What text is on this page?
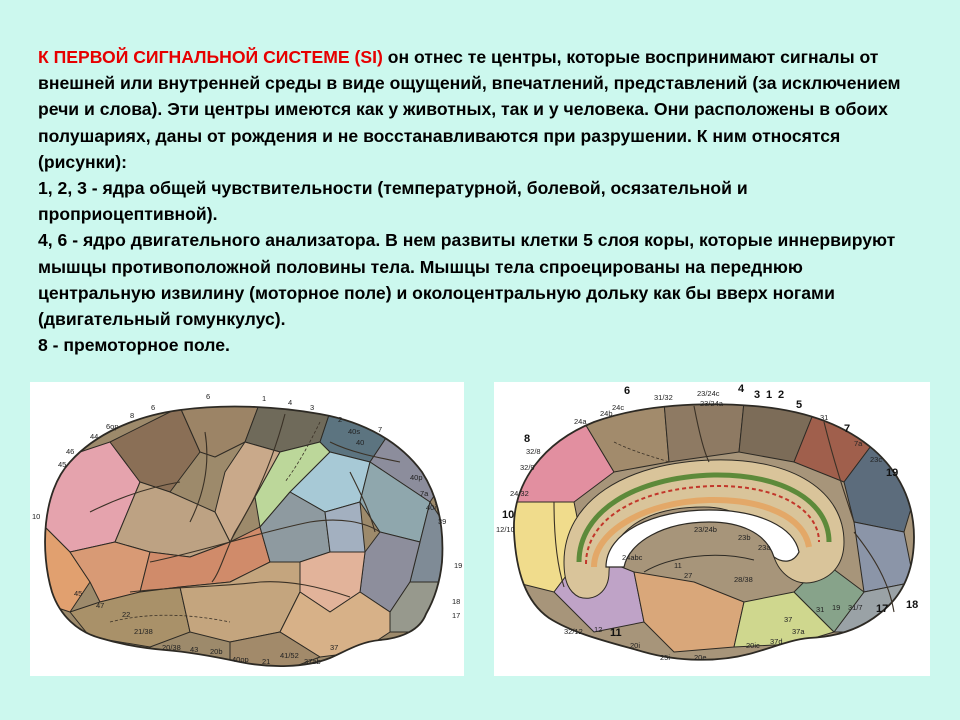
К ПЕРВОЙ СИГНАЛЬНОЙ СИСТЕМЕ (SI) он отнес те центры, которые воспринимают сигналы от внешней или внутренней среды в виде ощущений, впечатлений, представлений (за исключением речи и слова). Эти центры имеются как у животных, так и у человека. Они расположены в обоих полушариях, даны от рождения и не восстанавливаются при разрушении. К ним относятся (рисунки):

1, 2, 3 - ядра общей чувствительности (температурной, болевой, осязательной и проприоцептивной).

4, 6 - ядро двигательного анализатора. В нем развиты клетки 5 слоя коры, которые иннервируют мышцы противоположной половины тела. Мышцы тела спроецированы на переднюю центральную извилину (моторное поле) и околоцентральную дольку как бы вверх ногами (двигательный гомункулус).

8 - премоторное поле.

6	1	4
3
2
40s 7
40
8
6
6op
44
46
45
40p
7a
40i
39
10
19
45
47
22
21/38
18
17
20/38 43 20b
40op 21
41/52
37
37ab
6	4 3 1 2
5
31/32	23/24c
23/24a
24c
24b	31
7
7a
8
24a
32/8
23c
19
32/9
24/32
23/24b
23b
23a
10
12/10
24abc
11
27	28/38
12
32/12 11
20i
25i	20e
20ic
31	18
17
37
37a
37d
19 31/7
